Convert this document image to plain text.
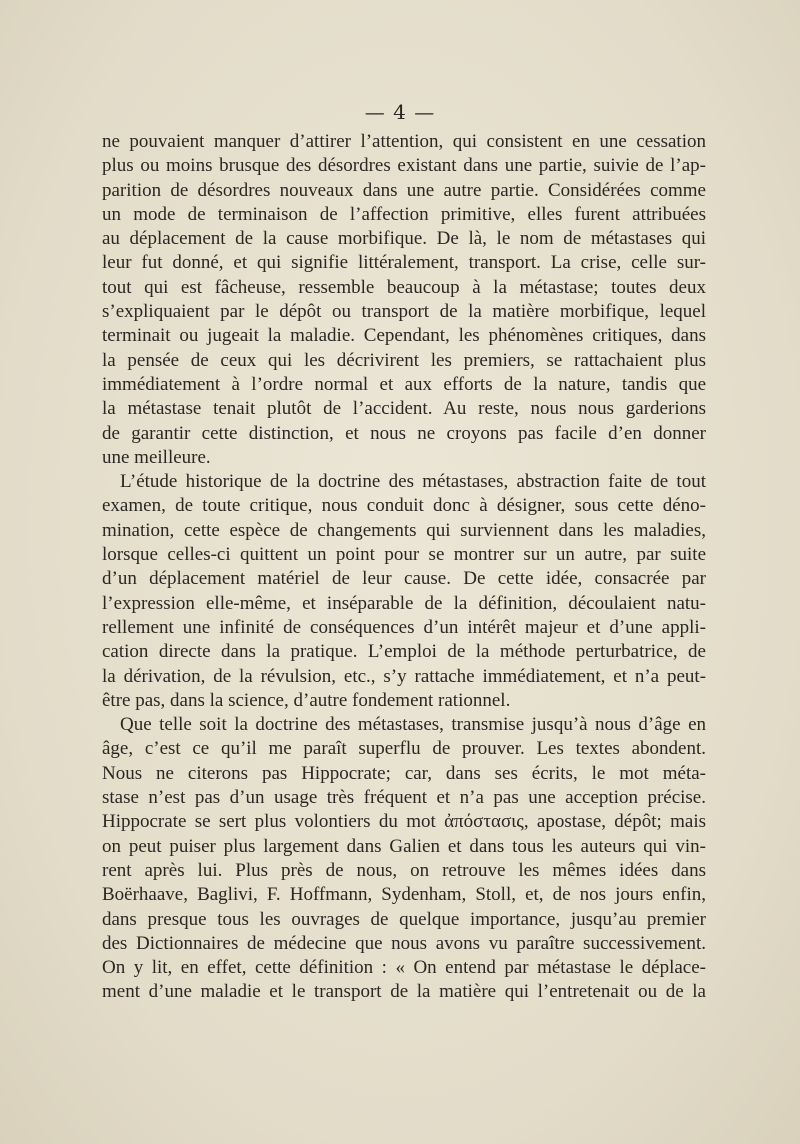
— 4 —
ne pouvaient manquer d’attirer l’attention, qui consistent en une cessation
plus ou moins brusque des désordres existant dans une partie, suivie de l’ap-
parition de désordres nouveaux dans une autre partie. Considérées comme
un mode de terminaison de l’affection primitive, elles furent attribuées
au déplacement de la cause morbifique. De là, le nom de métastases qui
leur fut donné, et qui signifie littéralement, transport. La crise, celle sur-
tout qui est fâcheuse, ressemble beaucoup à la métastase; toutes deux
s’expliquaient par le dépôt ou transport de la matière morbifique, lequel
terminait ou jugeait la maladie. Cependant, les phénomènes critiques, dans
la pensée de ceux qui les décrivirent les premiers, se rattachaient plus
immédiatement à l’ordre normal et aux efforts de la nature, tandis que
la métastase tenait plutôt de l’accident. Au reste, nous nous garderions
de garantir cette distinction, et nous ne croyons pas facile d’en donner
une meilleure.
L’étude historique de la doctrine des métastases, abstraction faite de tout
examen, de toute critique, nous conduit donc à désigner, sous cette déno-
mination, cette espèce de changements qui surviennent dans les maladies,
lorsque celles-ci quittent un point pour se montrer sur un autre, par suite
d’un déplacement matériel de leur cause. De cette idée, consacrée par
l’expression elle-même, et inséparable de la définition, découlaient natu-
rellement une infinité de conséquences d’un intérêt majeur et d’une appli-
cation directe dans la pratique. L’emploi de la méthode perturbatrice, de
la dérivation, de la révulsion, etc., s’y rattache immédiatement, et n’a peut-
être pas, dans la science, d’autre fondement rationnel.
Que telle soit la doctrine des métastases, transmise jusqu’à nous d’âge en
âge, c’est ce qu’il me paraît superflu de prouver. Les textes abondent.
Nous ne citerons pas Hippocrate; car, dans ses écrits, le mot méta-
stase n’est pas d’un usage très fréquent et n’a pas une acception précise.
Hippocrate se sert plus volontiers du mot ἀπόστασις, apostase, dépôt; mais
on peut puiser plus largement dans Galien et dans tous les auteurs qui vin-
rent après lui. Plus près de nous, on retrouve les mêmes idées dans
Boërhaave, Baglivi, F. Hoffmann, Sydenham, Stoll, et, de nos jours enfin,
dans presque tous les ouvrages de quelque importance, jusqu’au premier
des Dictionnaires de médecine que nous avons vu paraître successivement.
On y lit, en effet, cette définition : « On entend par métastase le déplace-
ment d’une maladie et le transport de la matière qui l’entretenait ou de la
